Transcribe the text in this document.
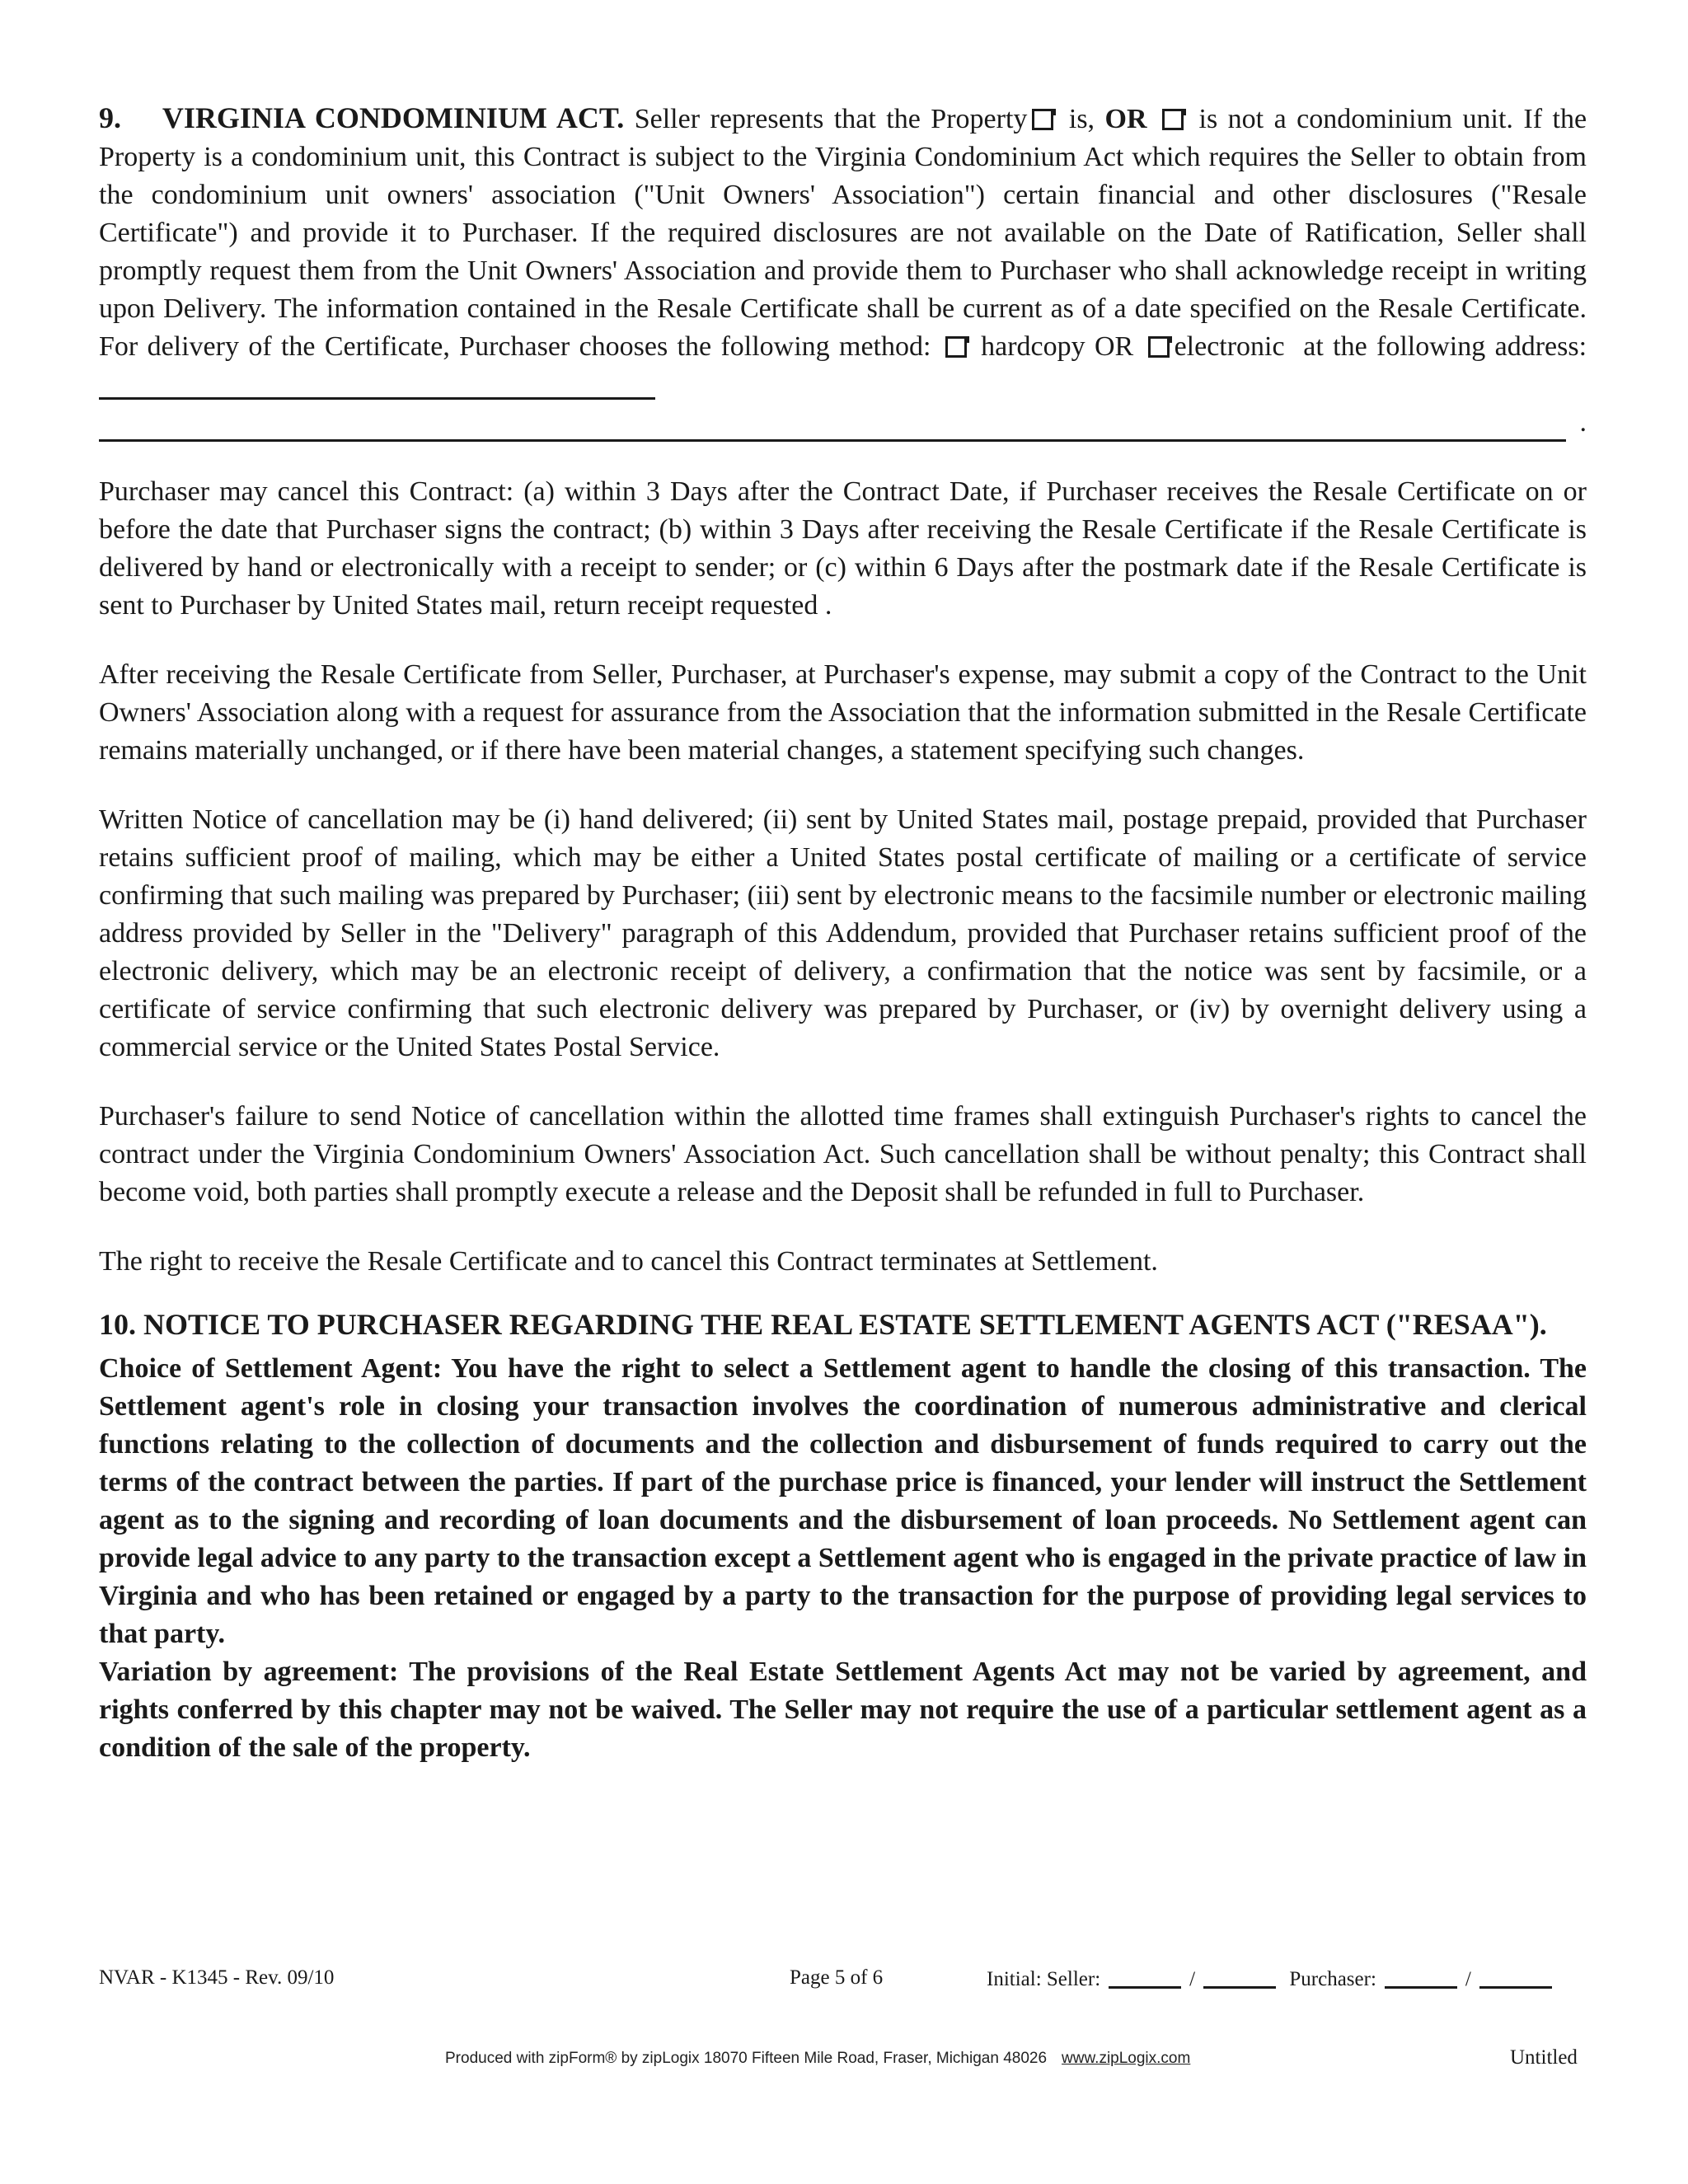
9. VIRGINIA CONDOMINIUM ACT. Seller represents that the Property is, OR is not a condominium unit. If the Property is a condominium unit, this Contract is subject to the Virginia Condominium Act which requires the Seller to obtain from the condominium unit owners' association ("Unit Owners' Association") certain financial and other disclosures ("Resale Certificate") and provide it to Purchaser. If the required disclosures are not available on the Date of Ratification, Seller shall promptly request them from the Unit Owners' Association and provide them to Purchaser who shall acknowledge receipt in writing upon Delivery. The information contained in the Resale Certificate shall be current as of a date specified on the Resale Certificate. For delivery of the Certificate, Purchaser chooses the following method: hardcopy OR electronic at the following address:

.

Purchaser may cancel this Contract: (a) within 3 Days after the Contract Date, if Purchaser receives the Resale Certificate on or before the date that Purchaser signs the contract; (b) within 3 Days after receiving the Resale Certificate if the Resale Certificate is delivered by hand or electronically with a receipt to sender; or (c) within 6 Days after the postmark date if the Resale Certificate is sent to Purchaser by United States mail, return receipt requested .

After receiving the Resale Certificate from Seller, Purchaser, at Purchaser's expense, may submit a copy of the Contract to the Unit Owners' Association along with a request for assurance from the Association that the information submitted in the Resale Certificate remains materially unchanged, or if there have been material changes, a statement specifying such changes.

Written Notice of cancellation may be (i) hand delivered; (ii) sent by United States mail, postage prepaid, provided that Purchaser retains sufficient proof of mailing, which may be either a United States postal certificate of mailing or a certificate of service confirming that such mailing was prepared by Purchaser; (iii) sent by electronic means to the facsimile number or electronic mailing address provided by Seller in the "Delivery" paragraph of this Addendum, provided that Purchaser retains sufficient proof of the electronic delivery, which may be an electronic receipt of delivery, a confirmation that the notice was sent by facsimile, or a certificate of service confirming that such electronic delivery was prepared by Purchaser, or (iv) by overnight delivery using a commercial service or the United States Postal Service.

Purchaser's failure to send Notice of cancellation within the allotted time frames shall extinguish Purchaser's rights to cancel the contract under the Virginia Condominium Owners' Association Act. Such cancellation shall be without penalty; this Contract shall become void, both parties shall promptly execute a release and the Deposit shall be refunded in full to Purchaser.

The right to receive the Resale Certificate and to cancel this Contract terminates at Settlement.

10. NOTICE TO PURCHASER REGARDING THE REAL ESTATE SETTLEMENT AGENTS ACT ("RESAA").

Choice of Settlement Agent: You have the right to select a Settlement agent to handle the closing of this transaction. The Settlement agent's role in closing your transaction involves the coordination of numerous administrative and clerical functions relating to the collection of documents and the collection and disbursement of funds required to carry out the terms of the contract between the parties. If part of the purchase price is financed, your lender will instruct the Settlement agent as to the signing and recording of loan documents and the disbursement of loan proceeds. No Settlement agent can provide legal advice to any party to the transaction except a Settlement agent who is engaged in the private practice of law in Virginia and who has been retained or engaged by a party to the transaction for the purpose of providing legal services to that party.

Variation by agreement: The provisions of the Real Estate Settlement Agents Act may not be varied by agreement, and rights conferred by this chapter may not be waived. The Seller may not require the use of a particular settlement agent as a condition of the sale of the property.

NVAR - K1345 - Rev. 09/10	Page 5 of 6	Initial: Seller:	/	Purchaser:	/
Produced with zipForm® by zipLogix 18070 Fifteen Mile Road, Fraser, Michigan 48026 www.zipLogix.com	Untitled
